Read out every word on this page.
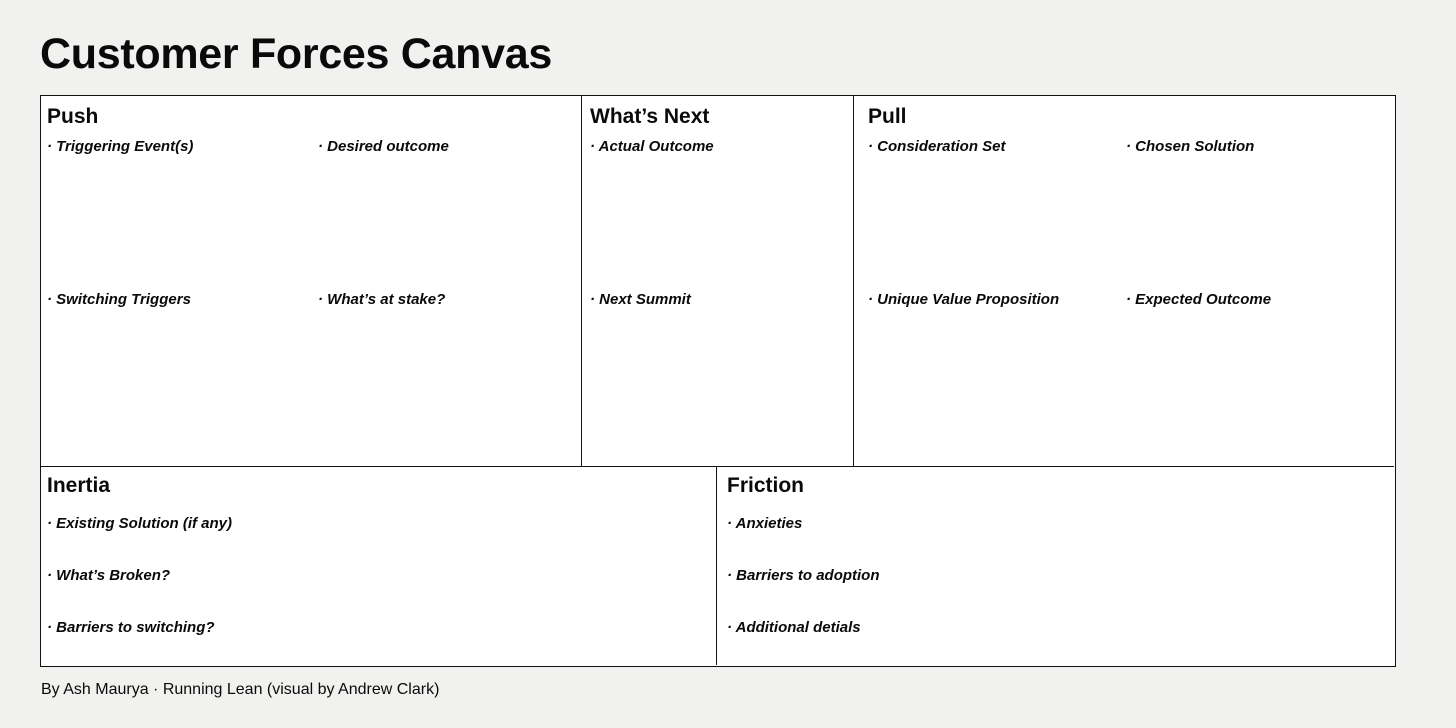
Customer Forces Canvas
Push
· Triggering Event(s)	· Desired outcome
· Switching Triggers	· What’s at stake?
What’s Next
· Actual Outcome
· Next Summit
Pull
· Consideration Set	· Chosen Solution
· Unique Value Proposition	· Expected Outcome
Inertia
· Existing Solution (if any)
· What’s Broken?
· Barriers to switching?
Friction
· Anxieties
· Barriers to adoption
· Additional detials
By Ash Maurya · Running Lean (visual by Andrew Clark)
